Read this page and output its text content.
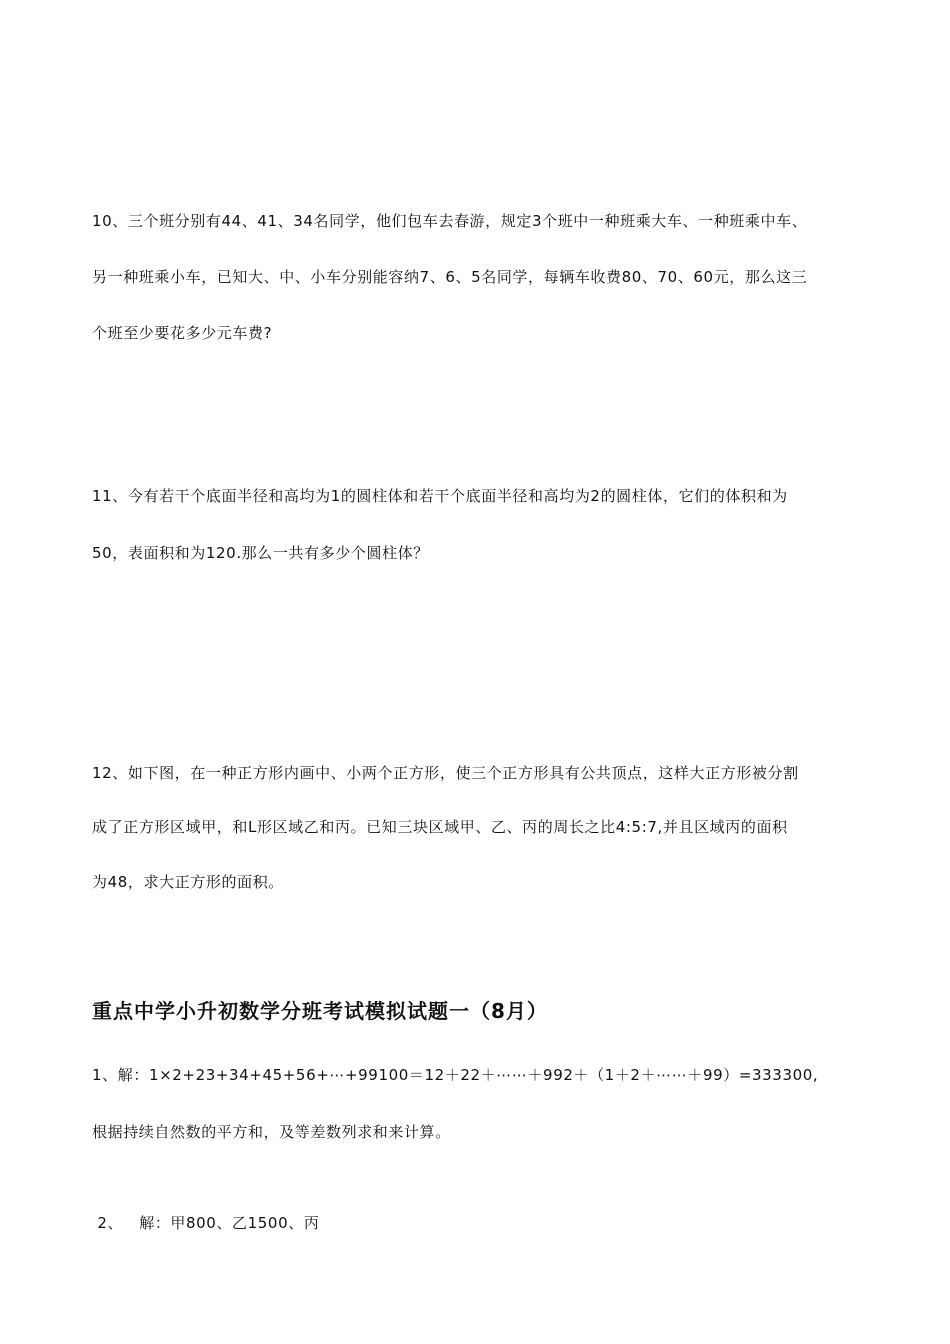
10、三个班分别有44、41、34名同学，他们包车去春游，规定3个班中一种班乘大车、一种班乘中车、
另一种班乘小车，已知大、中、小车分别能容纳7、6、5名同学，每辆车收费80、70、60元，那么这三
个班至少要花多少元车费?
11、今有若干个底面半径和高均为1的圆柱体和若干个底面半径和高均为2的圆柱体，它们的体积和为
50，表面积和为120.那么一共有多少个圆柱体？
12、如下图，在一种正方形内画中、小两个正方形，使三个正方形具有公共顶点，这样大正方形被分割
成了正方形区域甲，和L形区域乙和丙。已知三块区域甲、乙、丙的周长之比4:5:7,并且区域丙的面积
为48，求大正方形的面积。
重点中学小升初数学分班考试模拟试题一（8月）
1、解：1×2+23+34+45+56+⋯+99100＝12＋22＋⋯⋯＋992＋（1＋2＋⋯⋯＋99）=333300,
根据持续自然数的平方和，及等差数列求和来计算。
2、   解：甲800、乙1500、丙
